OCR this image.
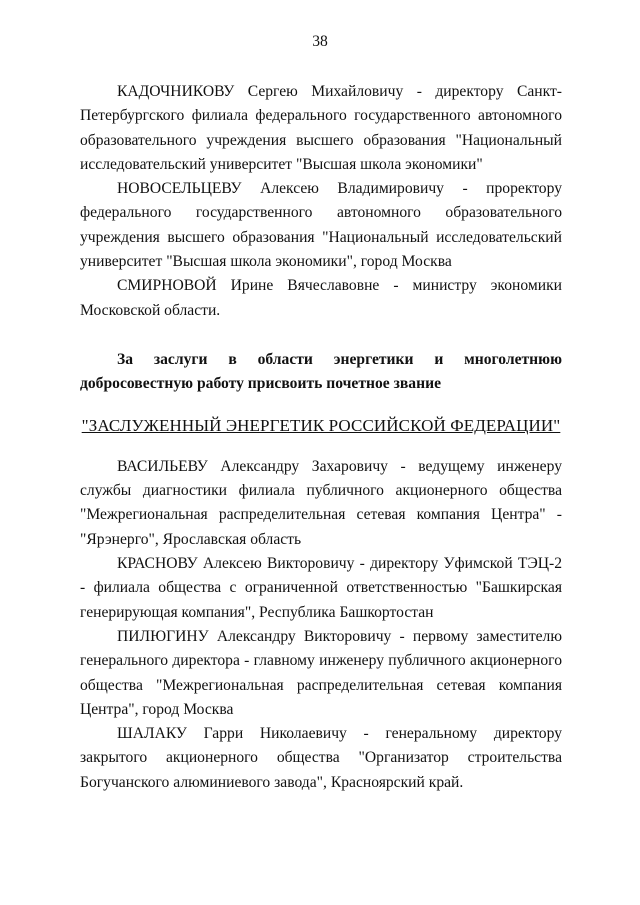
38

КАДОЧНИКОВУ Сергею Михайловичу - директору Санкт-Петербургского филиала федерального государственного автономного образовательного учреждения высшего образования "Национальный исследовательский университет "Высшая школа экономики"

НОВОСЕЛЬЦЕВУ Алексею Владимировичу - проректору федерального государственного автономного образовательного учреждения высшего образования "Национальный исследовательский университет "Высшая школа экономики", город Москва

СМИРНОВОЙ Ирине Вячеславовне - министру экономики Московской области.

За заслуги в области энергетики и многолетнюю добросовестную работу присвоить почетное звание

"ЗАСЛУЖЕННЫЙ ЭНЕРГЕТИК РОССИЙСКОЙ ФЕДЕРАЦИИ"

ВАСИЛЬЕВУ Александру Захаровичу - ведущему инженеру службы диагностики филиала публичного акционерного общества "Межрегиональная распределительная сетевая компания Центра" - "Ярэнерго", Ярославская область

КРАСНОВУ Алексею Викторовичу - директору Уфимской ТЭЦ-2 - филиала общества с ограниченной ответственностью "Башкирская генерирующая компания", Республика Башкортостан

ПИЛЮГИНУ Александру Викторовичу - первому заместителю генерального директора - главному инженеру публичного акционерного общества "Межрегиональная распределительная сетевая компания Центра", город Москва

ШАЛАКУ Гарри Николаевичу - генеральному директору закрытого акционерного общества "Организатор строительства Богучанского алюминиевого завода", Красноярский край.
